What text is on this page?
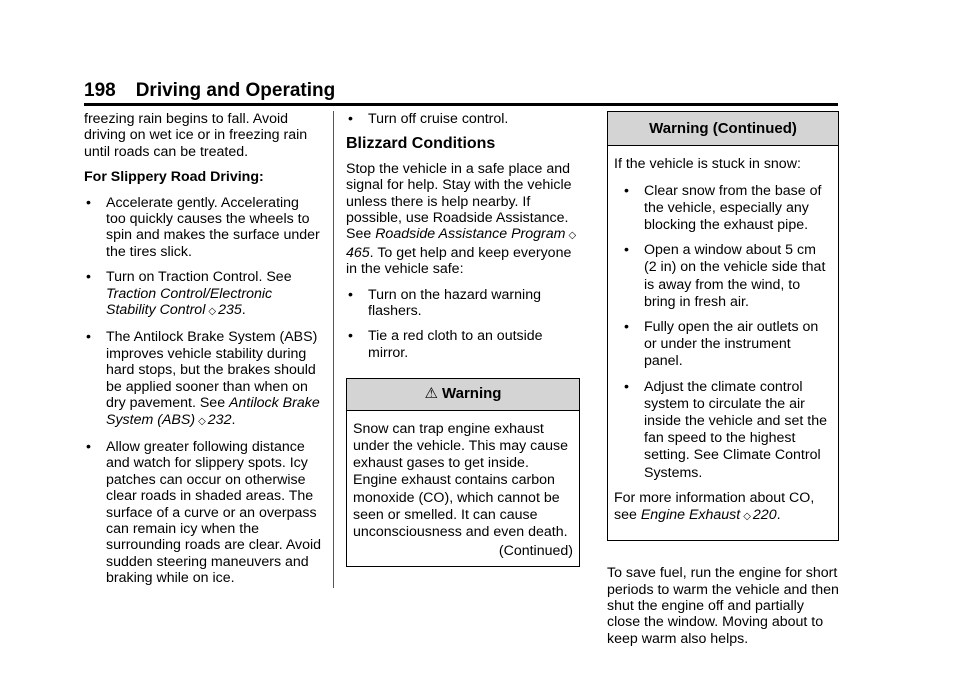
198 Driving and Operating

freezing rain begins to fall. Avoid driving on wet ice or in freezing rain until roads can be treated.

For Slippery Road Driving:

• Accelerate gently. Accelerating too quickly causes the wheels to spin and makes the surface under the tires slick.
• Turn on Traction Control. See Traction Control/Electronic Stability Control ◇ 235.
• The Antilock Brake System (ABS) improves vehicle stability during hard stops, but the brakes should be applied sooner than when on dry pavement. See Antilock Brake System (ABS) ◇ 232.
• Allow greater following distance and watch for slippery spots. Icy patches can occur on otherwise clear roads in shaded areas. The surface of a curve or an overpass can remain icy when the surrounding roads are clear. Avoid sudden steering maneuvers and braking while on ice.
• Turn off cruise control.
Blizzard Conditions

Stop the vehicle in a safe place and signal for help. Stay with the vehicle unless there is help nearby. If possible, use Roadside Assistance. See Roadside Assistance Program ◇465. To get help and keep everyone in the vehicle safe:

• Turn on the hazard warning flashers.
• Tie a red cloth to an outside mirror.
⚠ Warning
Snow can trap engine exhaust under the vehicle. This may cause exhaust gases to get inside. Engine exhaust contains carbon monoxide (CO), which cannot be seen or smelled. It can cause unconsciousness and even death.
(Continued)
Warning (Continued)

If the vehicle is stuck in snow:

• Clear snow from the base of the vehicle, especially any blocking the exhaust pipe.
• Open a window about 5 cm (2 in) on the vehicle side that is away from the wind, to bring in fresh air.
• Fully open the air outlets on or under the instrument panel.
• Adjust the climate control system to circulate the air inside the vehicle and set the fan speed to the highest setting. See Climate Control Systems.

For more information about CO, see Engine Exhaust ◇ 220.

To save fuel, run the engine for short periods to warm the vehicle and then shut the engine off and partially close the window. Moving about to keep warm also helps.
